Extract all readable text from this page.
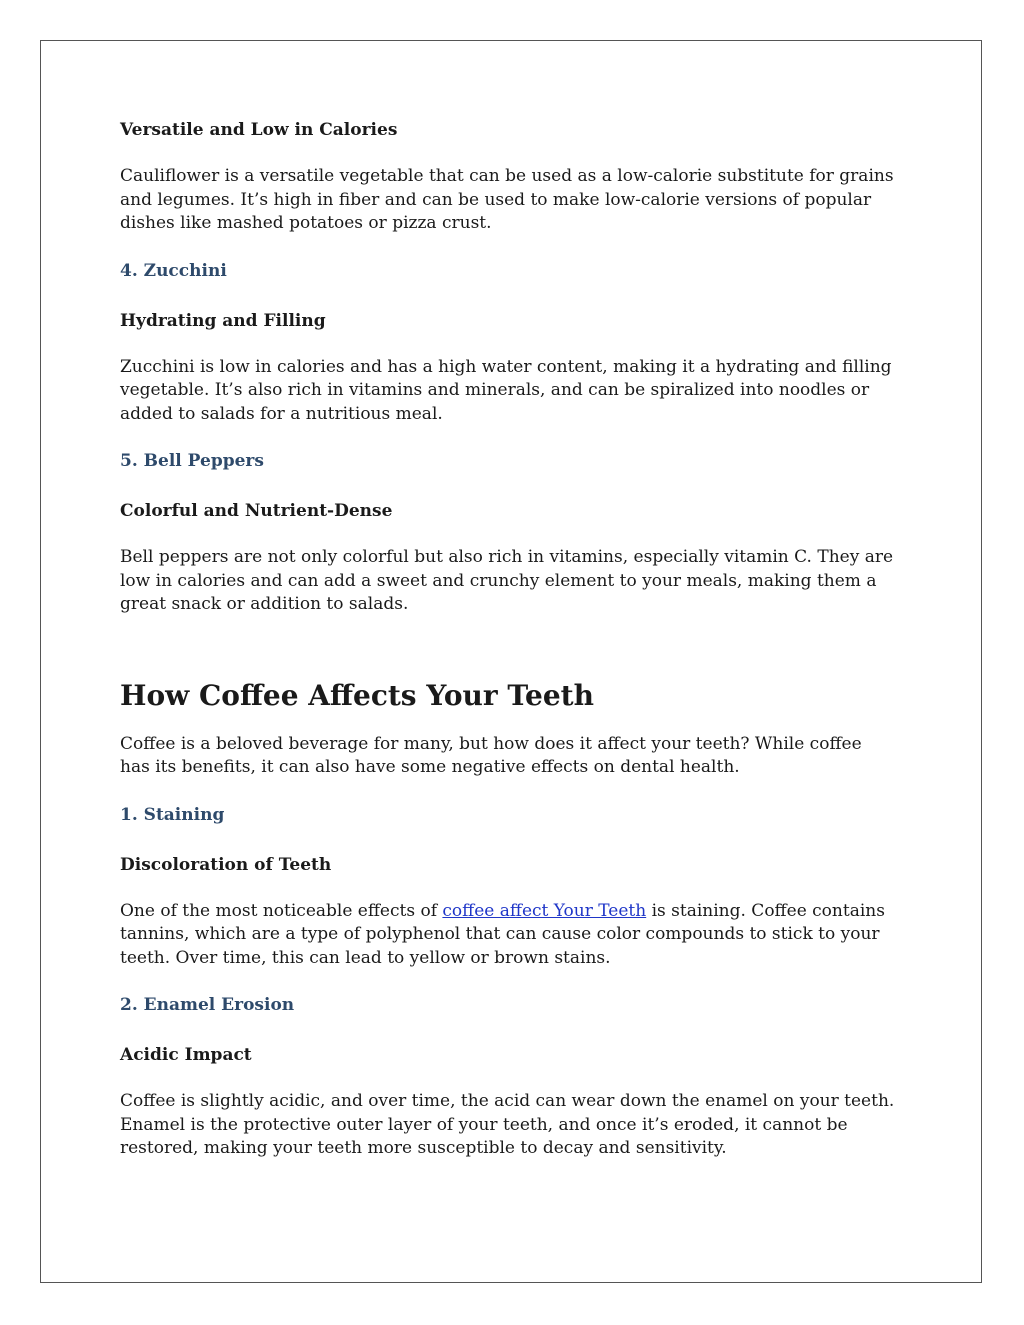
Versatile and Low in Calories

Cauliflower is a versatile vegetable that can be used as a low-calorie substitute for grains and legumes. It’s high in fiber and can be used to make low-calorie versions of popular dishes like mashed potatoes or pizza crust.

4. Zucchini
Hydrating and Filling

Zucchini is low in calories and has a high water content, making it a hydrating and filling vegetable. It’s also rich in vitamins and minerals, and can be spiralized into noodles or added to salads for a nutritious meal.

5. Bell Peppers
Colorful and Nutrient-Dense

Bell peppers are not only colorful but also rich in vitamins, especially vitamin C. They are low in calories and can add a sweet and crunchy element to your meals, making them a great snack or addition to salads.

How Coffee Affects Your Teeth

Coffee is a beloved beverage for many, but how does it affect your teeth? While coffee has its benefits, it can also have some negative effects on dental health.

1. Staining
Discoloration of Teeth

One of the most noticeable effects of coffee affect Your Teeth is staining. Coffee contains tannins, which are a type of polyphenol that can cause color compounds to stick to your teeth. Over time, this can lead to yellow or brown stains.

2. Enamel Erosion
Acidic Impact

Coffee is slightly acidic, and over time, the acid can wear down the enamel on your teeth. Enamel is the protective outer layer of your teeth, and once it’s eroded, it cannot be restored, making your teeth more susceptible to decay and sensitivity.
